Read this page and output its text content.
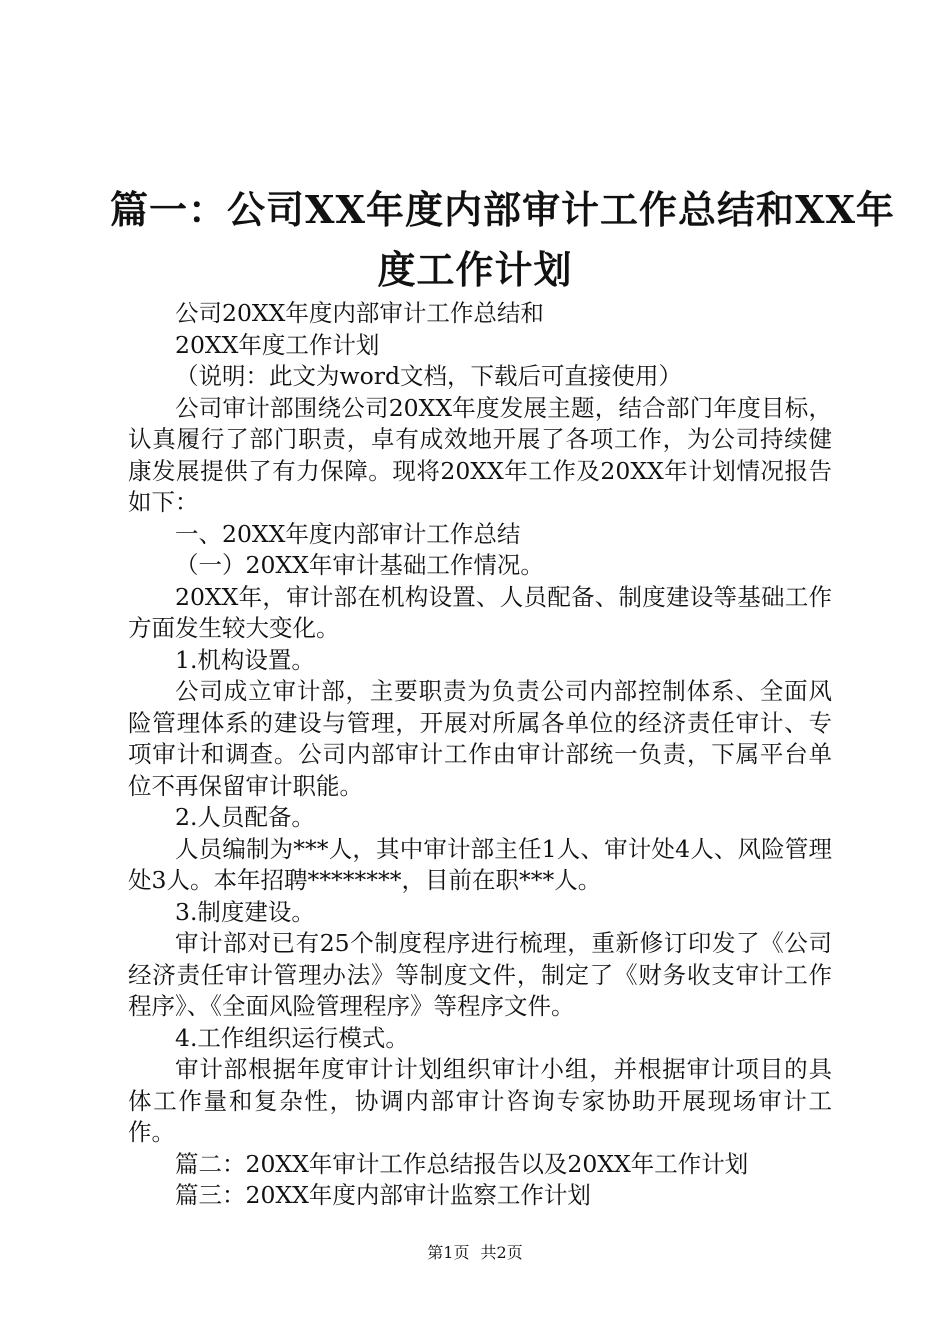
篇一：公司XX年度内部审计工作总结和XX年
度工作计划

公司20XX年度内部审计工作总结和

20XX年度工作计划

（说明：此文为word文档，下载后可直接使用）

公司审计部围绕公司20XX年度发展主题，结合部门年度目标，认真履行了部门职责，卓有成效地开展了各项工作，为公司持续健康发展提供了有力保障。现将20XX年工作及20XX年计划情况报告如下：

一、20XX年度内部审计工作总结

（一）20XX年审计基础工作情况。

20XX年，审计部在机构设置、人员配备、制度建设等基础工作方面发生较大变化。

1.机构设置。

公司成立审计部，主要职责为负责公司内部控制体系、全面风险管理体系的建设与管理，开展对所属各单位的经济责任审计、专项审计和调查。公司内部审计工作由审计部统一负责，下属平台单位不再保留审计职能。

2.人员配备。

人员编制为***人，其中审计部主任1人、审计处4人、风险管理处3人。本年招聘********，目前在职***人。

3.制度建设。

审计部对已有25个制度程序进行梳理，重新修订印发了《公司经济责任审计管理办法》等制度文件，制定了《财务收支审计工作程序》、《全面风险管理程序》等程序文件。

4.工作组织运行模式。

审计部根据年度审计计划组织审计小组，并根据审计项目的具体工作量和复杂性，协调内部审计咨询专家协助开展现场审计工作。

篇二：20XX年审计工作总结报告以及20XX年工作计划

篇三：20XX年度内部审计监察工作计划

第1页 共2页
